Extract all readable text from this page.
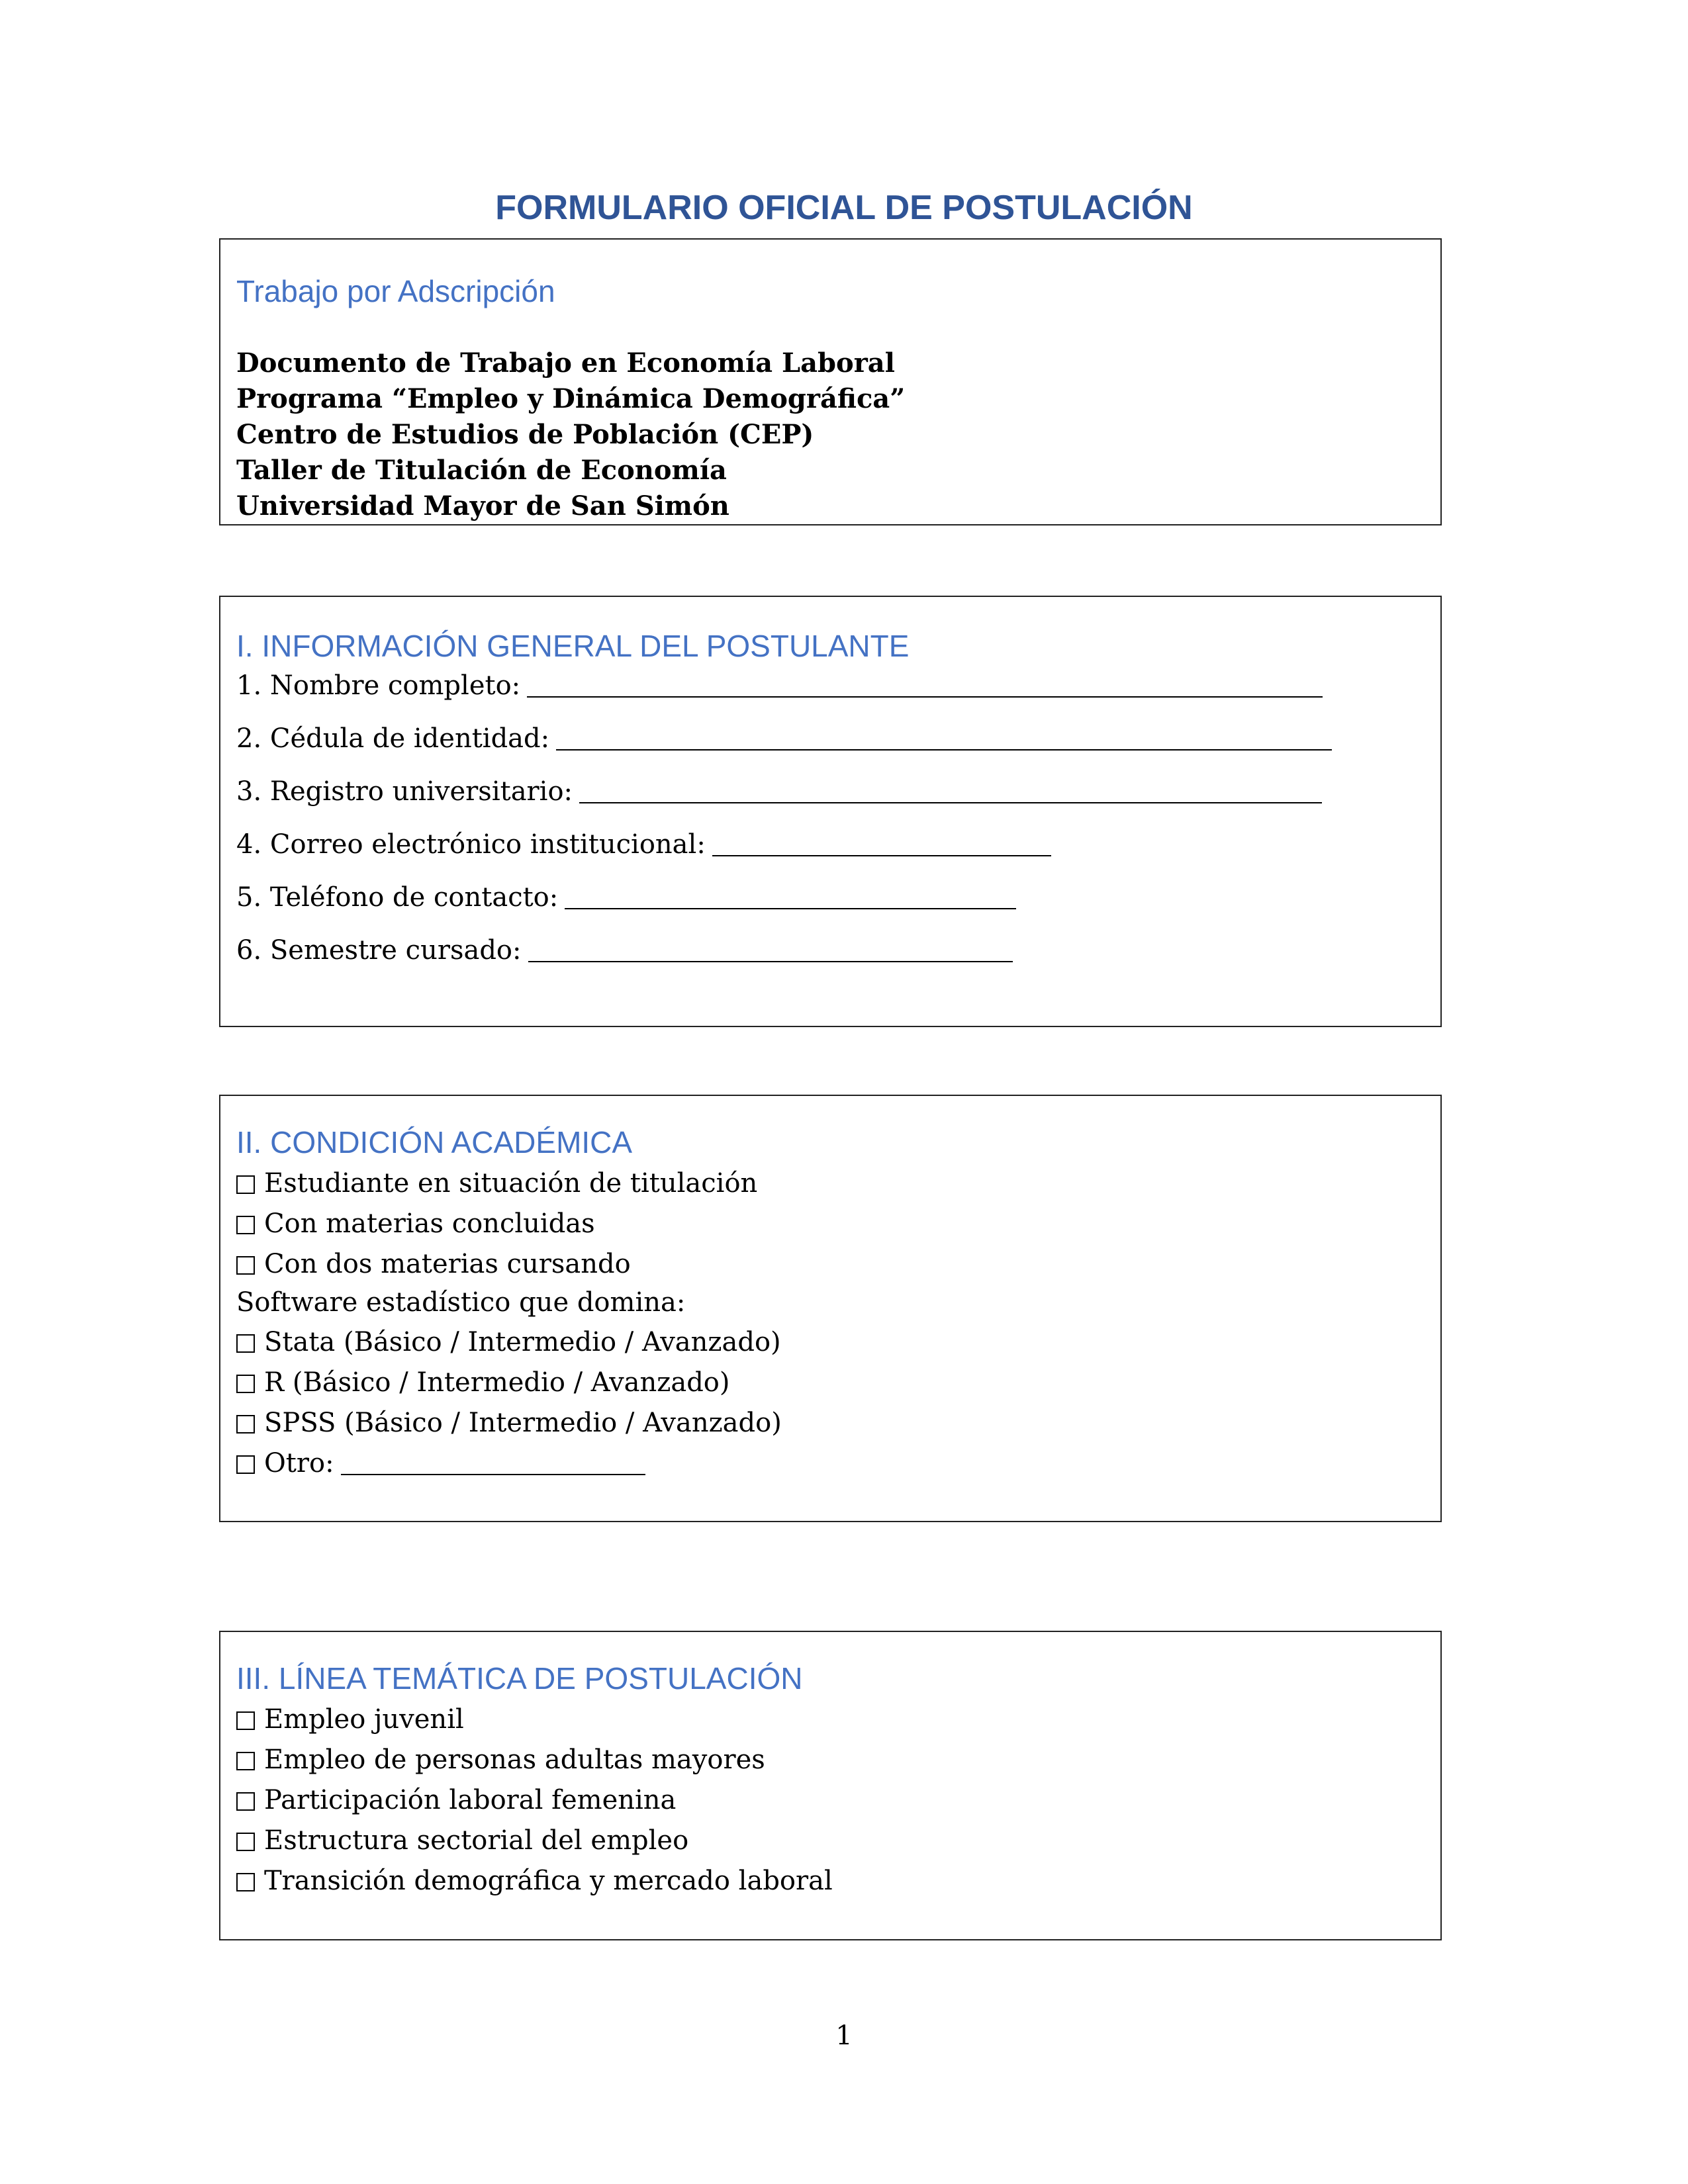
FORMULARIO OFICIAL DE POSTULACIÓN
Trabajo por Adscripción

Documento de Trabajo en Economía Laboral

Programa “Empleo y Dinámica Demográfica”

Centro de Estudios de Población (CEP)

Taller de Titulación de Economía

Universidad Mayor de San Simón

I. INFORMACIÓN GENERAL DEL POSTULANTE
1. Nombre completo:
2. Cédula de identidad:
3. Registro universitario:
4. Correo electrónico institucional:
5. Teléfono de contacto:
6. Semestre cursado:
II. CONDICIÓN ACADÉMICA
Estudiante en situación de titulación
Con materias concluidas
Con dos materias cursando
Software estadístico que domina:
Stata (Básico / Intermedio / Avanzado)
R (Básico / Intermedio / Avanzado)
SPSS (Básico / Intermedio / Avanzado)
Otro:
III. LÍNEA TEMÁTICA DE POSTULACIÓN
Empleo juvenil
Empleo de personas adultas mayores
Participación laboral femenina
Estructura sectorial del empleo
Transición demográfica y mercado laboral
1
